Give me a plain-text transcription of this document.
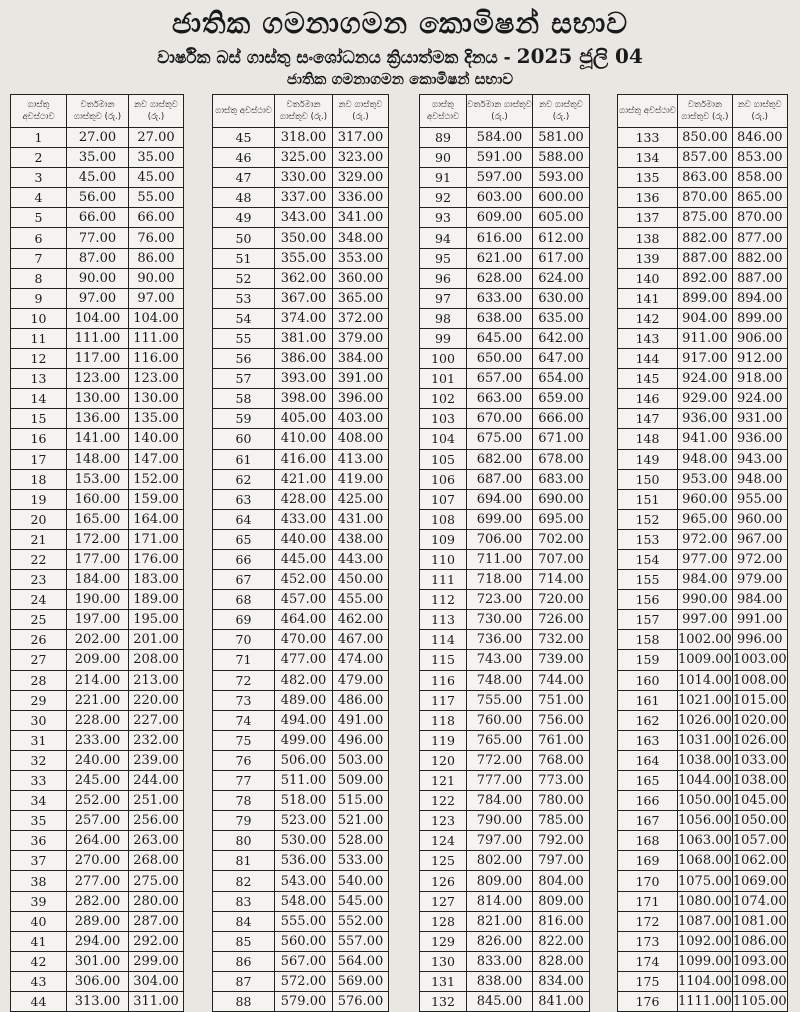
ජාතික ගමනාගමන කොමිෂන් සභාව
වාර්ෂික බස් ගාස්තු සංශෝධනය ක්‍රියාත්මක දිනය - 2025 ජූලි 04
ජාතික ගමනාගමන කොමිෂන් සභාව
ගාස්තු අවස්ථාව	වර්තමාන ගාස්තුව (රු.)	නව ගාස්තුව (රු.)
1	27.00	27.00
2	35.00	35.00
3	45.00	45.00
4	56.00	55.00
5	66.00	66.00
6	77.00	76.00
7	87.00	86.00
8	90.00	90.00
9	97.00	97.00
10	104.00	104.00
11	111.00	111.00
12	117.00	116.00
13	123.00	123.00
14	130.00	130.00
15	136.00	135.00
16	141.00	140.00
17	148.00	147.00
18	153.00	152.00
19	160.00	159.00
20	165.00	164.00
21	172.00	171.00
22	177.00	176.00
23	184.00	183.00
24	190.00	189.00
25	197.00	195.00
26	202.00	201.00
27	209.00	208.00
28	214.00	213.00
29	221.00	220.00
30	228.00	227.00
31	233.00	232.00
32	240.00	239.00
33	245.00	244.00
34	252.00	251.00
35	257.00	256.00
36	264.00	263.00
37	270.00	268.00
38	277.00	275.00
39	282.00	280.00
40	289.00	287.00
41	294.00	292.00
42	301.00	299.00
43	306.00	304.00
44	313.00	311.00
ගාස්තු අවස්ථාව	වර්තමාන ගාස්තුව (රු.)	නව ගාස්තුව (රු.)
45	318.00	317.00
46	325.00	323.00
47	330.00	329.00
48	337.00	336.00
49	343.00	341.00
50	350.00	348.00
51	355.00	353.00
52	362.00	360.00
53	367.00	365.00
54	374.00	372.00
55	381.00	379.00
56	386.00	384.00
57	393.00	391.00
58	398.00	396.00
59	405.00	403.00
60	410.00	408.00
61	416.00	413.00
62	421.00	419.00
63	428.00	425.00
64	433.00	431.00
65	440.00	438.00
66	445.00	443.00
67	452.00	450.00
68	457.00	455.00
69	464.00	462.00
70	470.00	467.00
71	477.00	474.00
72	482.00	479.00
73	489.00	486.00
74	494.00	491.00
75	499.00	496.00
76	506.00	503.00
77	511.00	509.00
78	518.00	515.00
79	523.00	521.00
80	530.00	528.00
81	536.00	533.00
82	543.00	540.00
83	548.00	545.00
84	555.00	552.00
85	560.00	557.00
86	567.00	564.00
87	572.00	569.00
88	579.00	576.00
ගාස්තු අවස්ථාව	වර්තමාන ගාස්තුව (රු.)	නව ගාස්තුව (රු.)
89	584.00	581.00
90	591.00	588.00
91	597.00	593.00
92	603.00	600.00
93	609.00	605.00
94	616.00	612.00
95	621.00	617.00
96	628.00	624.00
97	633.00	630.00
98	638.00	635.00
99	645.00	642.00
100	650.00	647.00
101	657.00	654.00
102	663.00	659.00
103	670.00	666.00
104	675.00	671.00
105	682.00	678.00
106	687.00	683.00
107	694.00	690.00
108	699.00	695.00
109	706.00	702.00
110	711.00	707.00
111	718.00	714.00
112	723.00	720.00
113	730.00	726.00
114	736.00	732.00
115	743.00	739.00
116	748.00	744.00
117	755.00	751.00
118	760.00	756.00
119	765.00	761.00
120	772.00	768.00
121	777.00	773.00
122	784.00	780.00
123	790.00	785.00
124	797.00	792.00
125	802.00	797.00
126	809.00	804.00
127	814.00	809.00
128	821.00	816.00
129	826.00	822.00
130	833.00	828.00
131	838.00	834.00
132	845.00	841.00
ගාස්තු අවස්ථාව	වර්තමාන ගාස්තුව (රු.)	නව ගාස්තුව (රු.)
133	850.00	846.00
134	857.00	853.00
135	863.00	858.00
136	870.00	865.00
137	875.00	870.00
138	882.00	877.00
139	887.00	882.00
140	892.00	887.00
141	899.00	894.00
142	904.00	899.00
143	911.00	906.00
144	917.00	912.00
145	924.00	918.00
146	929.00	924.00
147	936.00	931.00
148	941.00	936.00
149	948.00	943.00
150	953.00	948.00
151	960.00	955.00
152	965.00	960.00
153	972.00	967.00
154	977.00	972.00
155	984.00	979.00
156	990.00	984.00
157	997.00	991.00
158	1002.00	996.00
159	1009.00	1003.00
160	1014.00	1008.00
161	1021.00	1015.00
162	1026.00	1020.00
163	1031.00	1026.00
164	1038.00	1033.00
165	1044.00	1038.00
166	1050.00	1045.00
167	1056.00	1050.00
168	1063.00	1057.00
169	1068.00	1062.00
170	1075.00	1069.00
171	1080.00	1074.00
172	1087.00	1081.00
173	1092.00	1086.00
174	1099.00	1093.00
175	1104.00	1098.00
176	1111.00	1105.00
